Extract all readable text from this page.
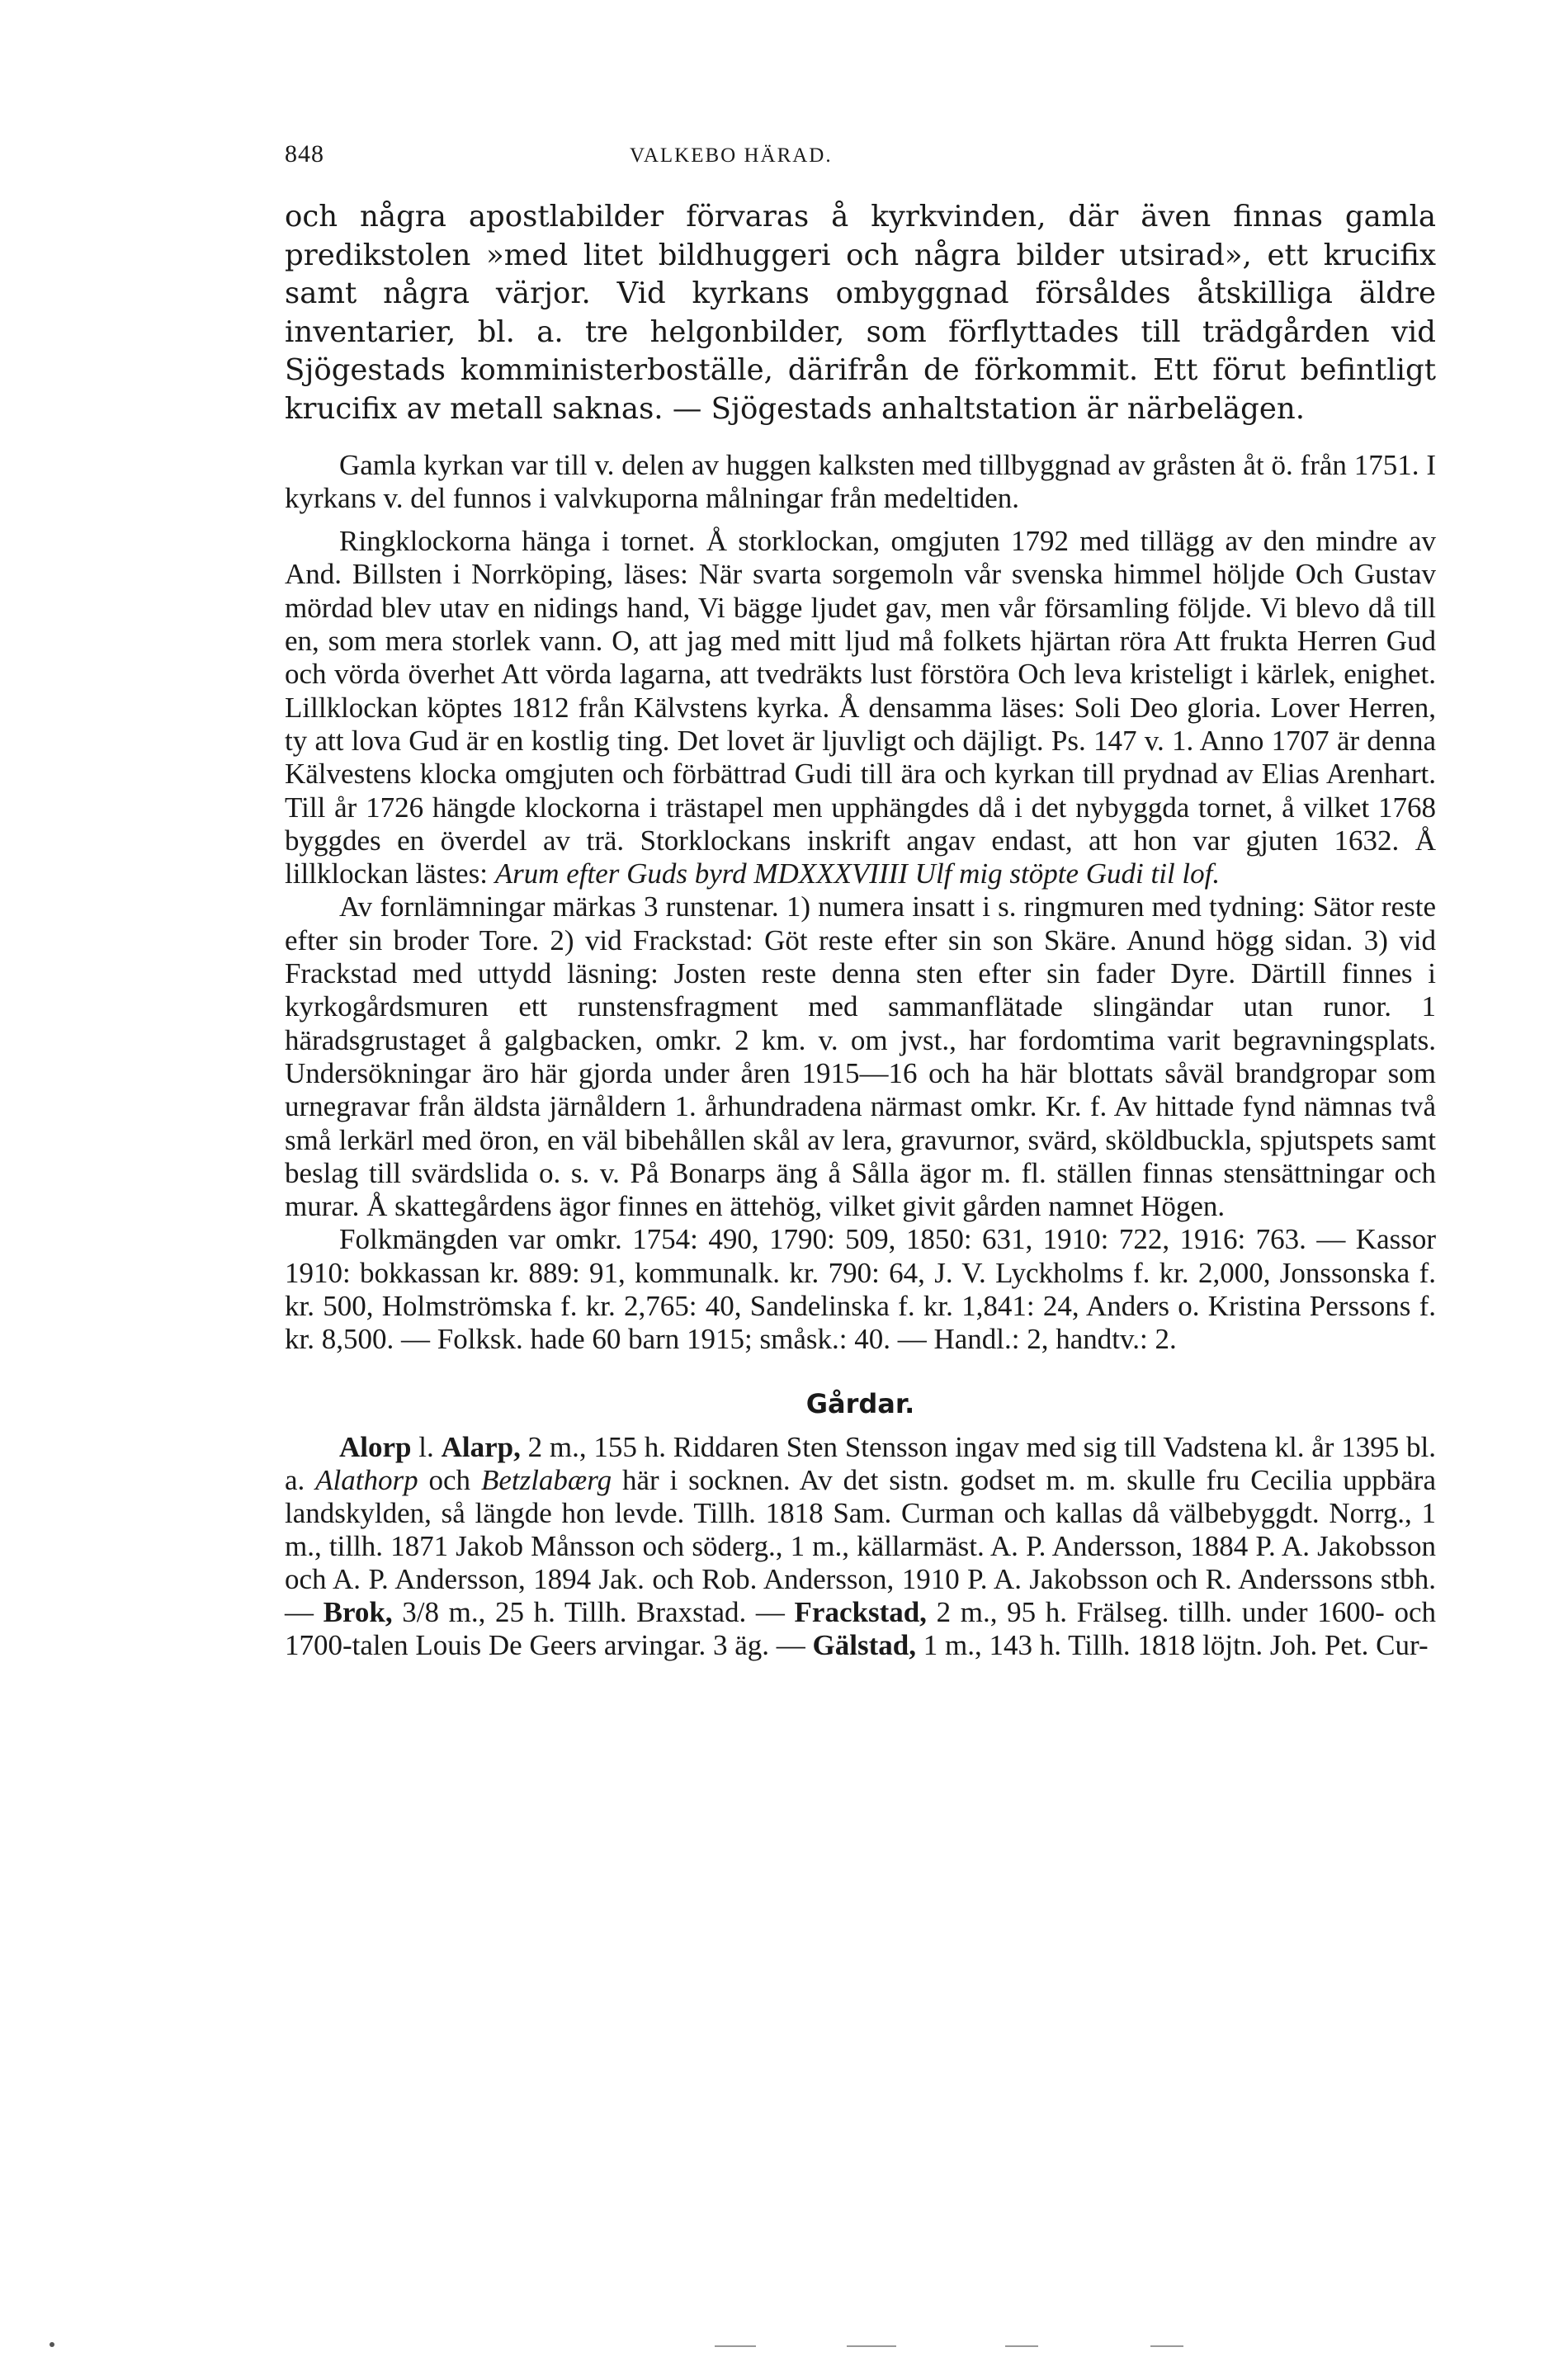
848	VALKEBO HÄRAD.

och några apostlabilder förvaras å kyrkvinden, där även finnas gamla predikstolen »med litet bildhuggeri och några bilder utsirad», ett krucifix samt några värjor. Vid kyrkans ombyggnad försåldes åtskilliga äldre inventarier, bl. a. tre helgonbilder, som förflyttades till trädgården vid Sjögestads komministerboställe, därifrån de förkommit. Ett förut befintligt krucifix av metall saknas. — Sjögestads anhaltstation är närbelägen.

Gamla kyrkan var till v. delen av huggen kalksten med tillbyggnad av gråsten åt ö. från 1751. I kyrkans v. del funnos i valvkuporna målningar från medeltiden.

Ringklockorna hänga i tornet. Å storklockan, omgjuten 1792 med tillägg av den mindre av And. Billsten i Norrköping, läses: När svarta sorgemoln vår svenska himmel höljde Och Gustav mördad blev utav en nidings hand, Vi bägge ljudet gav, men vår församling följde. Vi blevo då till en, som mera storlek vann. O, att jag med mitt ljud må folkets hjärtan röra Att frukta Herren Gud och vörda överhet Att vörda lagarna, att tvedräkts lust förstöra Och leva kristeligt i kärlek, enighet. Lillklockan köptes 1812 från Kälvstens kyrka. Å densamma läses: Soli Deo gloria. Lover Herren, ty att lova Gud är en kostlig ting. Det lovet är ljuvligt och däjligt. Ps. 147 v. 1. Anno 1707 är denna Kälvestens klocka omgjuten och förbättrad Gudi till ära och kyrkan till prydnad av Elias Arenhart. Till år 1726 hängde klockorna i trästapel men upphängdes då i det nybyggda tornet, å vilket 1768 byggdes en överdel av trä. Storklockans inskrift angav endast, att hon var gjuten 1632. Å lillklockan lästes: Arum efter Guds byrd MDXXXVIIII Ulf mig stöpte Gudi til lof.

Av fornlämningar märkas 3 runstenar. 1) numera insatt i s. ringmuren med tydning: Sätor reste efter sin broder Tore. 2) vid Frackstad: Göt reste efter sin son Skäre. Anund högg sidan. 3) vid Frackstad med uttydd läsning: Josten reste denna sten efter sin fader Dyre. Därtill finnes i kyrkogårdsmuren ett runstensfragment med sammanflätade slingändar utan runor. 1 häradsgrustaget å galgbacken, omkr. 2 km. v. om jvst., har fordomtima varit begravningsplats. Undersökningar äro här gjorda under åren 1915—16 och ha här blottats såväl brandgropar som urnegravar från äldsta järnåldern 1. århundradena närmast omkr. Kr. f. Av hittade fynd nämnas två små lerkärl med öron, en väl bibehållen skål av lera, gravurnor, svärd, sköldbuckla, spjutspets samt beslag till svärdslida o. s. v. På Bonarps äng å Sålla ägor m. fl. ställen finnas stensättningar och murar. Å skattegårdens ägor finnes en ättehög, vilket givit gården namnet Högen.

Folkmängden var omkr. 1754: 490, 1790: 509, 1850: 631, 1910: 722, 1916: 763. — Kassor 1910: bokkassan kr. 889: 91, kommunalk. kr. 790: 64, J. V. Lyckholms f. kr. 2,000, Jonssonska f. kr. 500, Holmströmska f. kr. 2,765: 40, Sandelinska f. kr. 1,841: 24, Anders o. Kristina Perssons f. kr. 8,500. — Folksk. hade 60 barn 1915; småsk.: 40. — Handl.: 2, handtv.: 2.

Gårdar.

Alorp l. Alarp, 2 m., 155 h. Riddaren Sten Stensson ingav med sig till Vadstena kl. år 1395 bl. a. Alathorp och Betzlabærg här i socknen. Av det sistn. godset m. m. skulle fru Cecilia uppbära landskylden, så längde hon levde. Tillh. 1818 Sam. Curman och kallas då välbebyggdt. Norrg., 1 m., tillh. 1871 Jakob Månsson och söderg., 1 m., källarmäst. A. P. Andersson, 1884 P. A. Jakobsson och A. P. Andersson, 1894 Jak. och Rob. Andersson, 1910 P. A. Jakobsson och R. Anderssons stbh. — Brok, 3/8 m., 25 h. Tillh. Braxstad. — Frackstad, 2 m., 95 h. Frälseg. tillh. under 1600- och 1700-talen Louis De Geers arvingar. 3 äg. — Gälstad, 1 m., 143 h. Tillh. 1818 löjtn. Joh. Pet. Cur-
